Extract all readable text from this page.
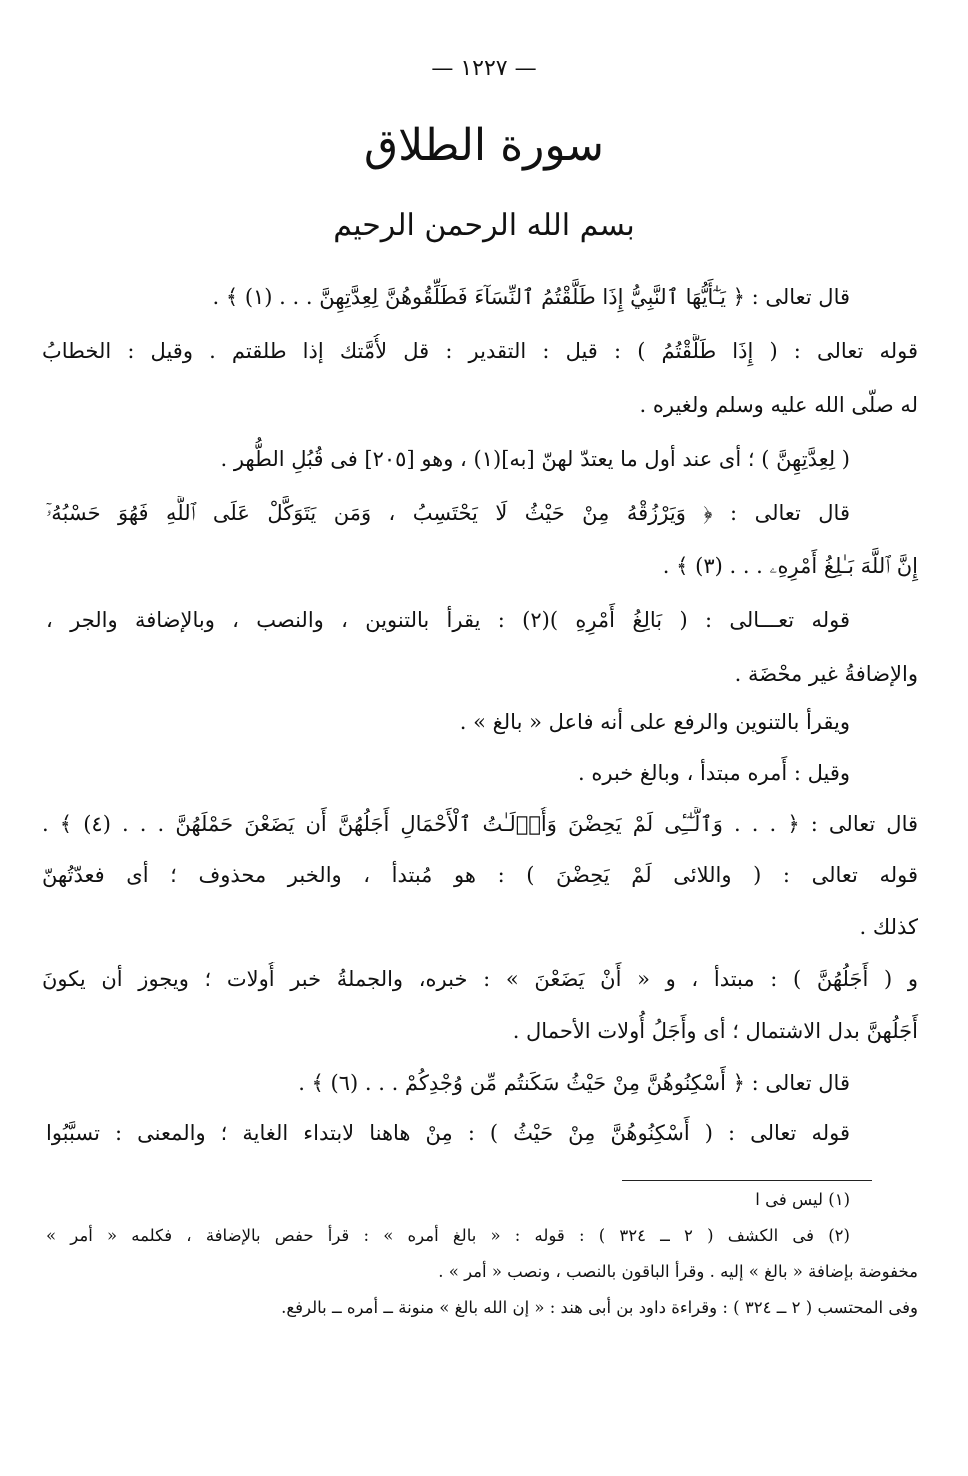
— ١٢٢٧ —
سورة الطلاق
بسم الله الرحمن الرحيم
قال تعالى : ﴿ يَـٰٓأَيُّهَا ٱلنَّبِيُّ إِذَا طَلَّقْتُمُ ٱلنِّسَآءَ فَطَلِّقُوهُنَّ لِعِدَّتِهِنَّ . . . (١) ﴾ .
قوله تعالى : ( إِذَا طَلَّقْتُمُ ) : قيل : التقدير : قل لأُمَّتك إذا طلقتم . وقيل : الخطابُ
له صلّى الله عليه وسلم ولغيره .
( لِعِدَّتِهِنَّ ) ؛ أى عند أول ما يعتدّ لهنّ [به](١) ، وهو [٢٠٥] فى قُبُلِ الطُّهر .
قال تعالى : ﴿ وَيَرْزُقْهُ مِنْ حَيْثُ لَا يَحْتَسِبُ ، وَمَن يَتَوَكَّلْ عَلَى ٱللَّهِ فَهُوَ حَسْبُهُۥٓ
إِنَّ ٱللَّهَ بَـٰلِغُ أَمْرِهِۦ . . . (٣) ﴾ .
قوله تعـــالى : ( بَالِغُ أَمْرِهِ )(٢) : يقرأ بالتنوين ، والنصب ، وبالإضافة والجر ،
والإضافةُ غير محْضَة .
ويقرأ بالتنوين والرفع على أنه فاعل « بالغ » .
وقيل : أَمره مبتدأ ، وبالغ خبره .
قال تعالى : ﴿ . . . وَٱلَّـٰٓـِٔى لَمْ يَحِضْنَ وَأُو۟لَـٰتُ ٱلْأَحْمَالِ أَجَلُهُنَّ أَن يَضَعْنَ حَمْلَهُنَّ . . . (٤) ﴾ .
قوله تعالى : ( واللائى لَمْ يَحِضْنَ ) : هو مُبتدأ ، والخبر محذوف ؛ أى فعدّتُهنّ
كذلك .
و ( أَجَلُهُنَّ ) : مبتدأ ، و « أَنْ يَضَعْنَ » : خبره، والجملةُ خبر أُولات ؛ ويجوز أن يكونَ
أَجَلُهنَّ بدل الاشتمال ؛ أى وأَجَلُ أُولات الأحمال .
قال تعالى : ﴿ أَسْكِنُوهُنَّ مِنْ حَيْثُ سَكَنتُم مِّن وُجْدِكُمْ . . . (٦) ﴾ .
قوله تعالى : ( أَسْكِنُوهُنَّ مِنْ حَيْثُ ) : مِنْ هاهنا لابتداء الغاية ؛ والمعنى : تسبَّبُوا
(١) ليس فى ا
(٢) فى الكشف ( ٢ ــ ٣٢٤ ) : قوله : « بالغ أمره » : قرأ حفص بالإضافة ، فكلمه « أمر »
مخفوضة بإضافة « بالغ » إليه . وقرأ الباقون بالنصب ، ونصب « أمر » .
وفى المحتسب ( ٢ ــ ٣٢٤ ) : وقراءة داود بن أبى هند : « إن الله بالغ » منونة ــ أمره ــ بالرفع.
